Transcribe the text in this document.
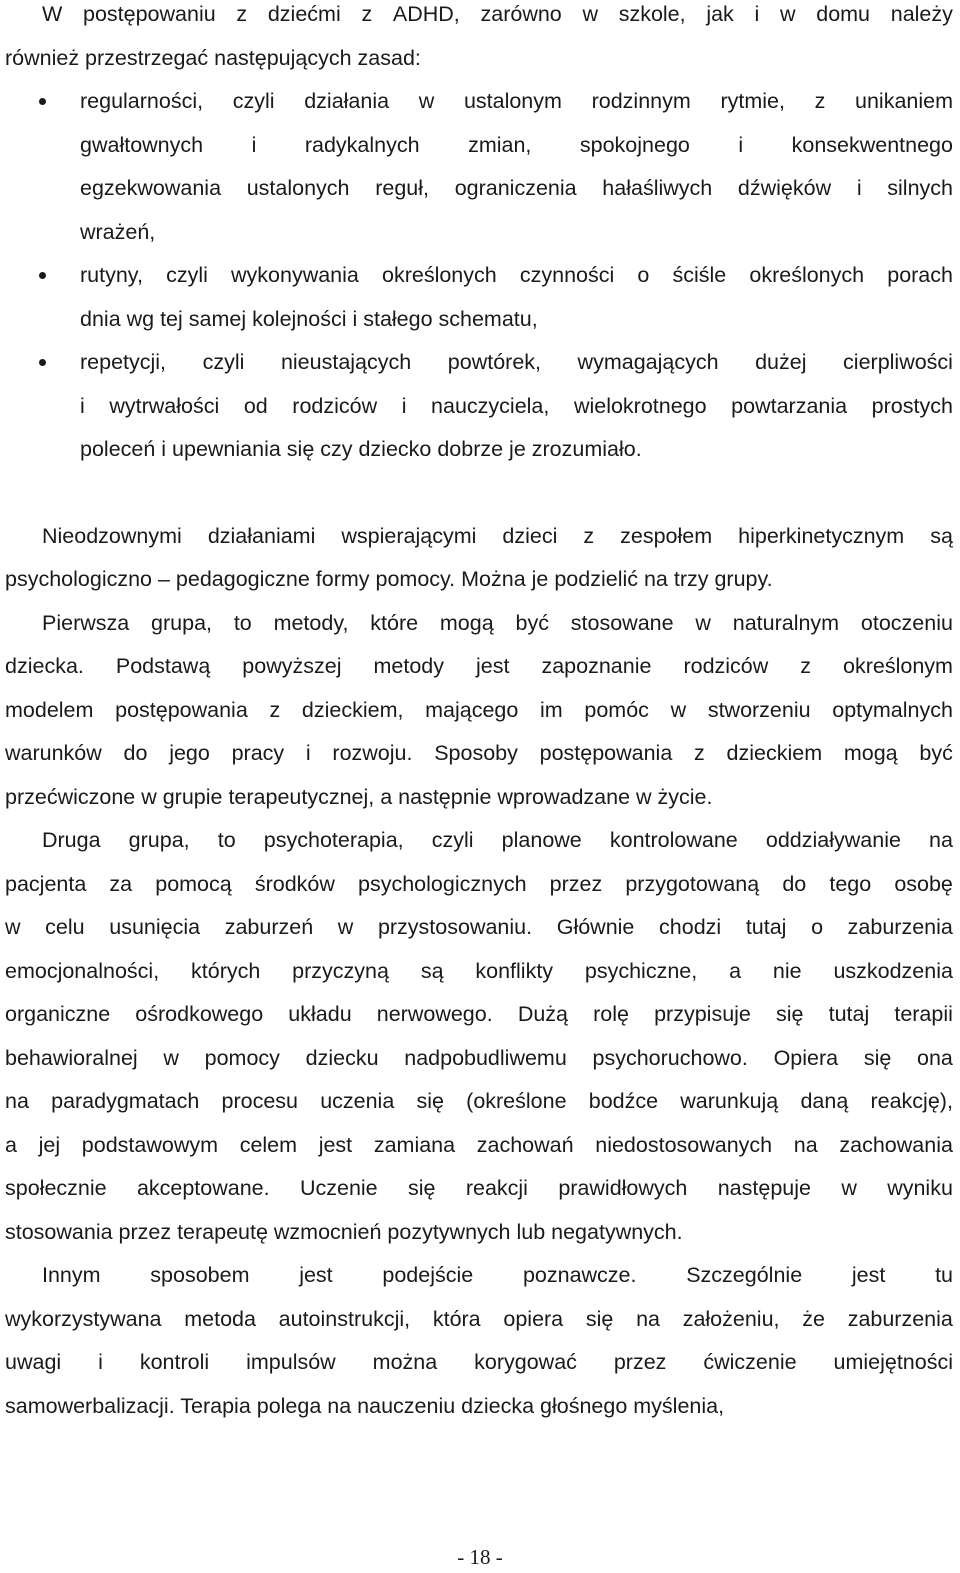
W postępowaniu z dziećmi z ADHD, zarówno w szkole, jak i w domu należy
również przestrzegać następujących zasad:
regularności, czyli działania w ustalonym rodzinnym rytmie, z unikaniem
gwałtownych i radykalnych zmian, spokojnego i konsekwentnego
egzekwowania ustalonych reguł, ograniczenia hałaśliwych dźwięków i silnych
wrażeń,
rutyny, czyli wykonywania określonych czynności o ściśle określonych porach
dnia wg tej samej kolejności i stałego schematu,
repetycji, czyli nieustających powtórek, wymagających dużej cierpliwości
i wytrwałości od rodziców i nauczyciela, wielokrotnego powtarzania prostych
poleceń i upewniania się czy dziecko dobrze je zrozumiało.
Nieodzownymi działaniami wspierającymi dzieci z zespołem hiperkinetycznym są
psychologiczno – pedagogiczne formy pomocy. Można je podzielić na trzy grupy.
Pierwsza grupa, to metody, które mogą być stosowane w naturalnym otoczeniu
dziecka. Podstawą powyższej metody jest zapoznanie rodziców z określonym
modelem postępowania z dzieckiem, mającego im pomóc w stworzeniu optymalnych
warunków do jego pracy i rozwoju. Sposoby postępowania z dzieckiem mogą być
przećwiczone w grupie terapeutycznej, a następnie wprowadzane w życie.
Druga grupa, to psychoterapia, czyli planowe kontrolowane oddziaływanie na
pacjenta za pomocą środków psychologicznych przez przygotowaną do tego osobę
w celu usunięcia zaburzeń w przystosowaniu. Głównie chodzi tutaj o zaburzenia
emocjonalności, których przyczyną są konflikty psychiczne, a nie uszkodzenia
organiczne ośrodkowego układu nerwowego. Dużą rolę przypisuje się tutaj terapii
behawioralnej w pomocy dziecku nadpobudliwemu psychoruchowo. Opiera się ona
na paradygmatach procesu uczenia się (określone bodźce warunkują daną reakcję),
a jej podstawowym celem jest zamiana zachowań niedostosowanych na zachowania
społecznie akceptowane. Uczenie się reakcji prawidłowych następuje w wyniku
stosowania przez terapeutę wzmocnień pozytywnych lub negatywnych.
Innym sposobem jest podejście poznawcze. Szczególnie jest tu
wykorzystywana metoda autoinstrukcji, która opiera się na założeniu, że zaburzenia
uwagi i kontroli impulsów można korygować przez ćwiczenie umiejętności
samowerbalizacji. Terapia polega na nauczeniu dziecka głośnego myślenia,
- 18 -
